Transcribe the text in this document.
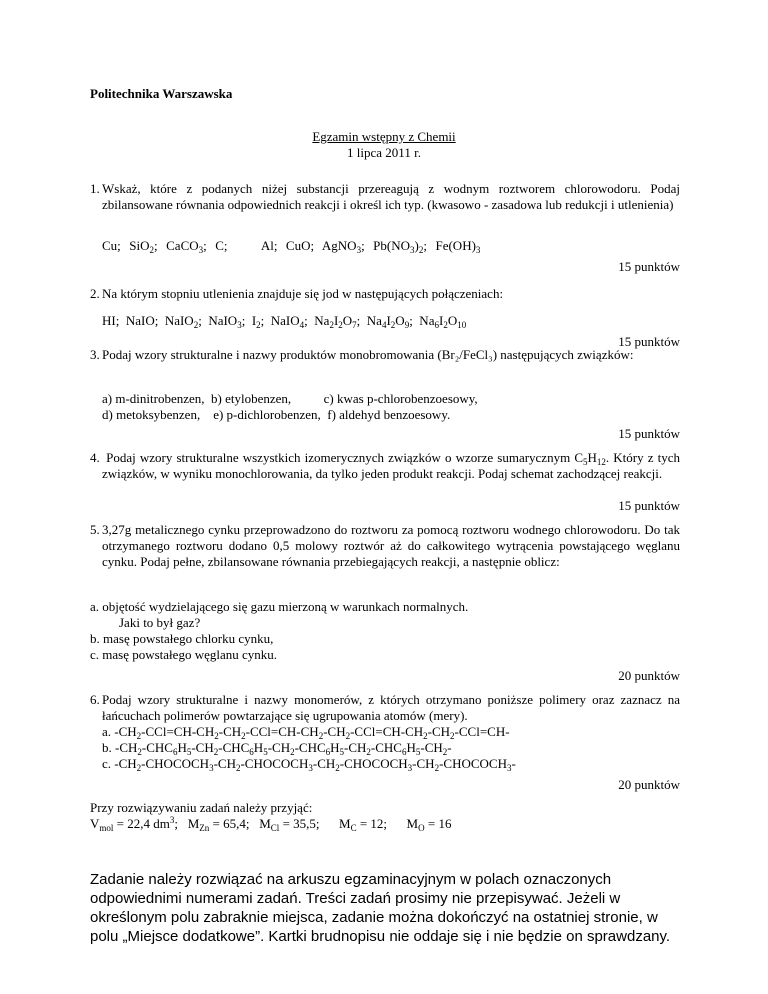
Politechnika Warszawska
Egzamin wstępny z Chemii
1 lipca 2011 r.
1. Wskaż, które z podanych niżej substancji przereagują z wodnym roztworem chlorowodoru. Podaj zbilansowane równania odpowiednich reakcji i określ ich typ. (kwasowo - zasadowa lub redukcji i utlenienia)
Cu;  SiO$_2$;  CaCO$_3$;  C;        Al;  CuO;  AgNO$_3$;  $Pb(NO_3)_2$;  $Fe(OH)_3$
15 punktów
2. Na którym stopniu utlenienia znajduje się jod w następujących połączeniach:
HI;  NaIO;  NaIO$_2$;  NaIO$_3$;  $I_2$;  NaIO$_4$;  $Na_2I_2O_7$;  $Na_4I_2O_9$;  $Na_6I_2O_{10}$
15 punktów
3. Podaj wzory strukturalne i nazwy produktów monobromowania (Br₂/FeCl₃) następujących związków:
a) m-dinitrobenzen,  b) etylobenzen,          c) kwas p-chlorobenzoesowy,
d) metoksybenzen,    e) p-dichlorobenzen,  f) aldehyd benzoesowy.
15 punktów
4. Podaj wzory strukturalne wszystkich izomerycznych związków o wzorze sumarycznym $C_5H_{12}$. Który z tych związków, w wyniku monochlorowania, da tylko jeden produkt reakcji. Podaj schemat zachodzącej reakcji.
15 punktów
5. 3,27g metalicznego cynku przeprowadzono do roztworu za pomocą roztworu wodnego chlorowodoru. Do tak otrzymanego roztworu dodano 0,5 molowy roztwór aż do całkowitego wytrącenia powstającego węglanu cynku. Podaj pełne, zbilansowane równania przebiegających reakcji, a następnie oblicz:
a. objętość wydzielającego się gazu mierzoną w warunkach normalnych.
Jaki to był gaz?
b. masę powstałego chlorku cynku,
c. masę powstałego węglanu cynku.
20 punktów
6. Podaj wzory strukturalne i nazwy monomerów, z których otrzymano poniższe polimery oraz zaznacz na łańcuchach polimerów powtarzające się ugrupowania atomów (mery).
a. $-CH_2-CCl=CH-CH_2-CH_2-CCl=CH-CH_2-CH_2-CCl=CH-CH_2-CH_2-CCl=CH-$
b. $-CH_2-CHC_6H_5-CH_2-CHC_6H_5-CH_2-CHC_6H_5-CH_2-CHC_6H_5-CH_2-$
c. $-CH_2-CHOCOCH_3-CH_2-CHOCOCH_3-CH_2-CHOCOCH_3-CH_2-CHOCOCH_3-$
20 punktów
Przy rozwiązywaniu zadań należy przyjąć:
$V_{mol} = 22,4$ $dm^3$;   $M_{Zn} = 65,4$;   $M_{Cl} = 35,5$;      $M_C = 12$;      $M_O = 16$
Zadanie należy rozwiązać na arkuszu egzaminacyjnym w polach oznaczonych odpowiednimi numerami zadań. Treści zadań prosimy nie przepisywać. Jeżeli w określonym polu zabraknie miejsca, zadanie można dokończyć na ostatniej stronie, w polu „Miejsce dodatkowe”. Kartki brudnopisu nie oddaje się i nie będzie on sprawdzany.
